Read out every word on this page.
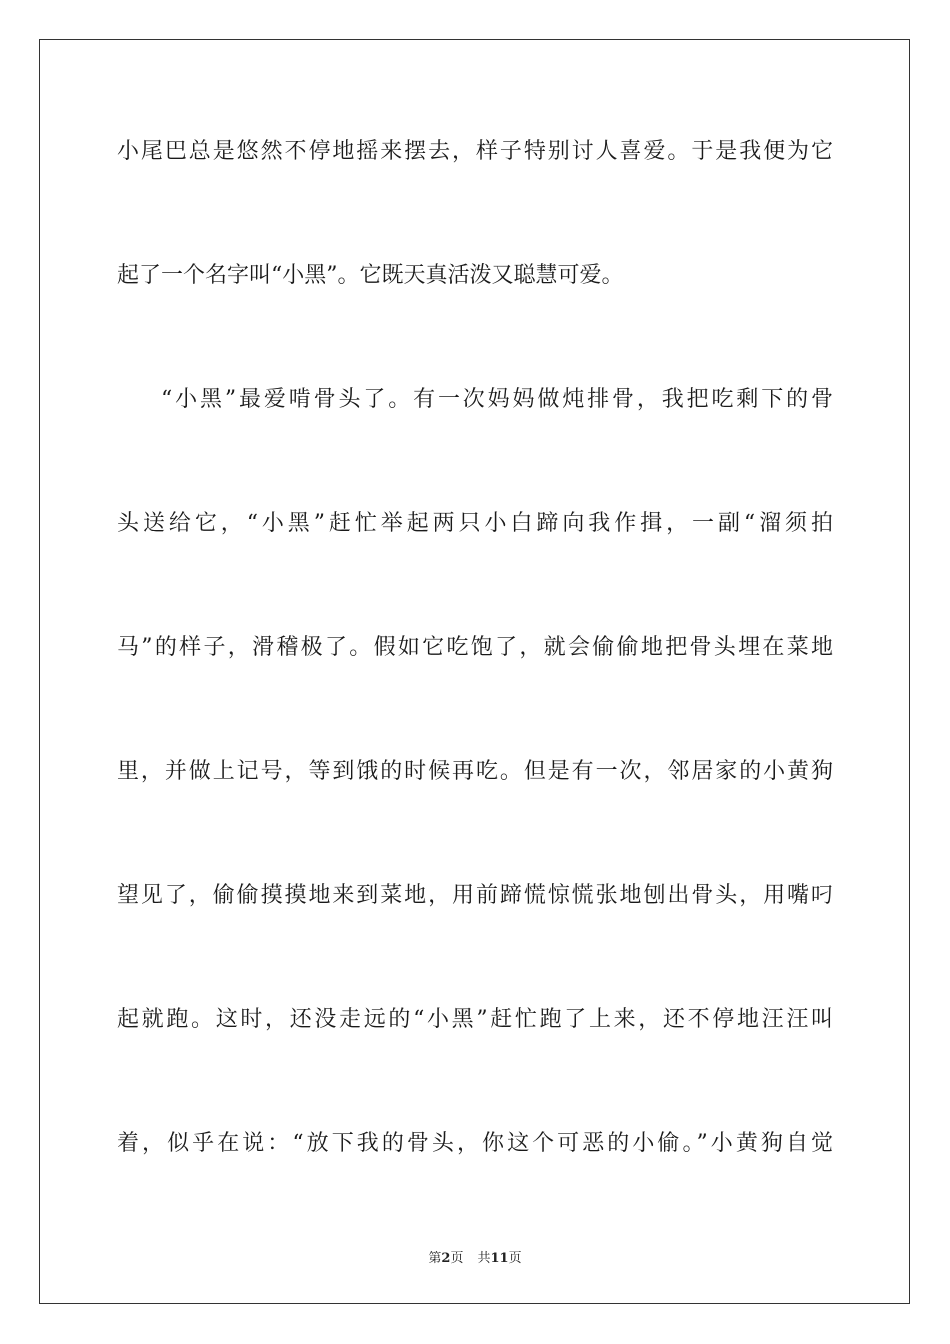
小尾巴总是悠然不停地摇来摆去，样子特别讨人喜爱。于是我便为它
起了一个名字叫“小黑”。它既天真活泼又聪慧可爱。
“小黑”最爱啃骨头了。有一次妈妈做炖排骨，我把吃剩下的骨
头送给它，“小黑”赶忙举起两只小白蹄向我作揖，一副“溜须拍
马”的样子，滑稽极了。假如它吃饱了，就会偷偷地把骨头埋在菜地
里，并做上记号，等到饿的时候再吃。但是有一次，邻居家的小黄狗
望见了，偷偷摸摸地来到菜地，用前蹄慌惊慌张地刨出骨头，用嘴叼
起就跑。这时，还没走远的“小黑”赶忙跑了上来，还不停地汪汪叫
着，似乎在说：“放下我的骨头，你这个可恶的小偷。”小黄狗自觉
第2页 共11页
